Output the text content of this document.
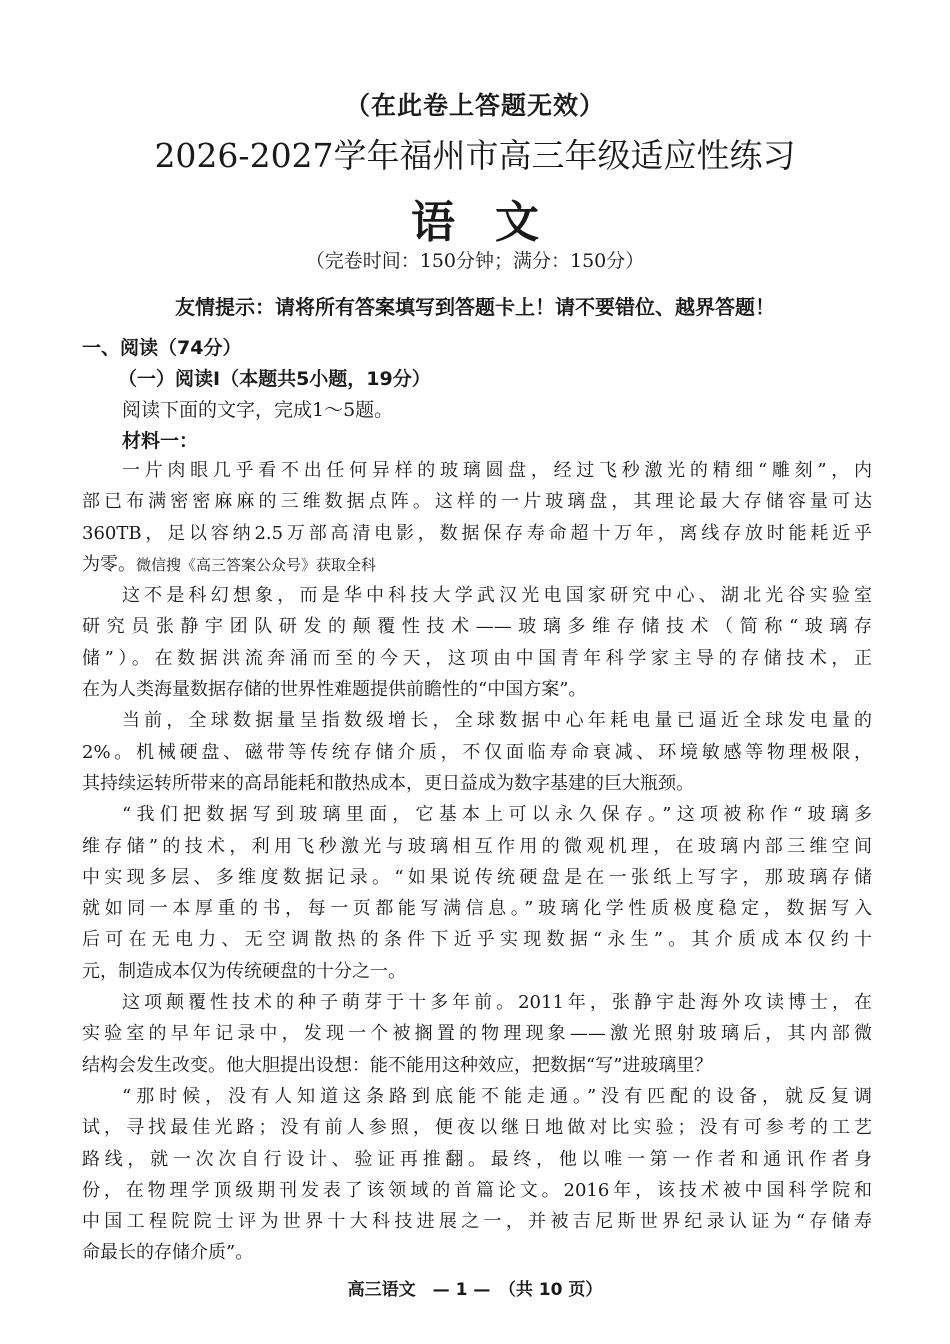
（在此卷上答题无效）
2026-2027学年福州市高三年级适应性练习
语文
（完卷时间：150分钟；满分：150分）
友情提示：请将所有答案填写到答题卡上！请不要错位、越界答题！
一、阅读（74分）
（一）阅读Ⅰ（本题共5小题，19分）
阅读下面的文字，完成1～5题。
材料一：
一片肉眼几乎看不出任何异样的玻璃圆盘，经过飞秒激光的精细“雕刻”，内
部已布满密密麻麻的三维数据点阵。这样的一片玻璃盘，其理论最大存储容量可达
360TB，足以容纳2.5万部高清电影，数据保存寿命超十万年，离线存放时能耗近乎
为零。微信搜《高三答案公众号》获取全科
这不是科幻想象，而是华中科技大学武汉光电国家研究中心、湖北光谷实验室
研究员张静宇团队研发的颠覆性技术——玻璃多维存储技术（简称“玻璃存
储”）。在数据洪流奔涌而至的今天，这项由中国青年科学家主导的存储技术，正
在为人类海量数据存储的世界性难题提供前瞻性的“中国方案”。
当前，全球数据量呈指数级增长，全球数据中心年耗电量已逼近全球发电量的
2%。机械硬盘、磁带等传统存储介质，不仅面临寿命衰减、环境敏感等物理极限，
其持续运转所带来的高昂能耗和散热成本，更日益成为数字基建的巨大瓶颈。
“我们把数据写到玻璃里面，它基本上可以永久保存。”这项被称作“玻璃多
维存储”的技术，利用飞秒激光与玻璃相互作用的微观机理，在玻璃内部三维空间
中实现多层、多维度数据记录。“如果说传统硬盘是在一张纸上写字，那玻璃存储
就如同一本厚重的书，每一页都能写满信息。”玻璃化学性质极度稳定，数据写入
后可在无电力、无空调散热的条件下近乎实现数据“永生”。其介质成本仅约十
元，制造成本仅为传统硬盘的十分之一。
这项颠覆性技术的种子萌芽于十多年前。2011年，张静宇赴海外攻读博士，在
实验室的早年记录中，发现一个被搁置的物理现象——激光照射玻璃后，其内部微
结构会发生改变。他大胆提出设想：能不能用这种效应，把数据“写”进玻璃里？
“那时候，没有人知道这条路到底能不能走通。”没有匹配的设备，就反复调
试，寻找最佳光路；没有前人参照，便夜以继日地做对比实验；没有可参考的工艺
路线，就一次次自行设计、验证再推翻。最终，他以唯一第一作者和通讯作者身
份，在物理学顶级期刊发表了该领域的首篇论文。2016年，该技术被中国科学院和
中国工程院院士评为世界十大科技进展之一，并被吉尼斯世界纪录认证为“存储寿
命最长的存储介质”。
高三语文　— 1 —　（共 10 页）
